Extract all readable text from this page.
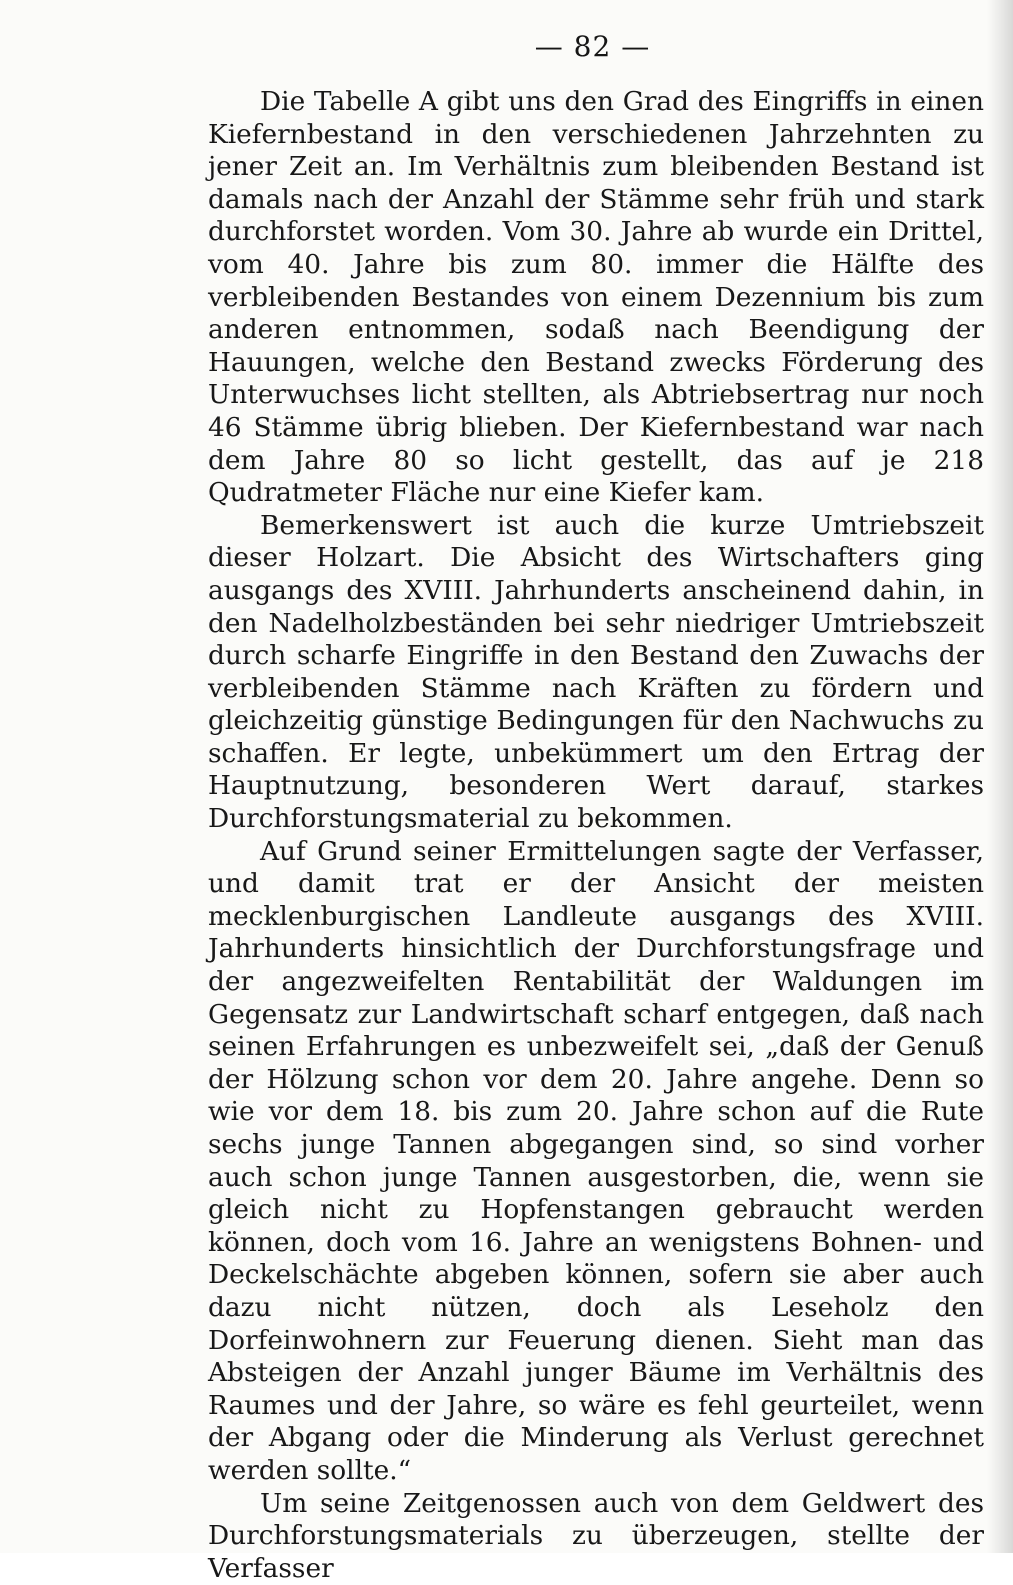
— 82 —

Die Tabelle A gibt uns den Grad des Eingriffs in einen Kiefernbestand in den verschiedenen Jahrzehnten zu jener Zeit an. Im Verhältnis zum bleibenden Bestand ist damals nach der Anzahl der Stämme sehr früh und stark durchforstet worden. Vom 30. Jahre ab wurde ein Drittel, vom 40. Jahre bis zum 80. immer die Hälfte des verbleibenden Bestandes von einem Dezennium bis zum anderen entnommen, sodaß nach Beendigung der Hauungen, welche den Bestand zwecks Förderung des Unterwuchses licht stellten, als Abtriebsertrag nur noch 46 Stämme übrig blieben. Der Kiefernbestand war nach dem Jahre 80 so licht gestellt, das auf je 218 Qudratmeter Fläche nur eine Kiefer kam.

Bemerkenswert ist auch die kurze Umtriebszeit dieser Holzart. Die Absicht des Wirtschafters ging ausgangs des XVIII. Jahrhunderts anscheinend dahin, in den Nadelholzbeständen bei sehr niedriger Umtriebszeit durch scharfe Eingriffe in den Bestand den Zuwachs der verbleibenden Stämme nach Kräften zu fördern und gleichzeitig günstige Bedingungen für den Nachwuchs zu schaffen. Er legte, unbekümmert um den Ertrag der Hauptnutzung, besonderen Wert darauf, starkes Durchforstungsmaterial zu bekommen.

Auf Grund seiner Ermittelungen sagte der Verfasser, und damit trat er der Ansicht der meisten mecklenburgischen Landleute ausgangs des XVIII. Jahrhunderts hinsichtlich der Durchforstungsfrage und der angezweifelten Rentabilität der Waldungen im Gegensatz zur Landwirtschaft scharf entgegen, daß nach seinen Erfahrungen es unbezweifelt sei, „daß der Genuß der Hölzung schon vor dem 20. Jahre angehe. Denn so wie vor dem 18. bis zum 20. Jahre schon auf die Rute sechs junge Tannen abgegangen sind, so sind vorher auch schon junge Tannen ausgestorben, die, wenn sie gleich nicht zu Hopfenstangen gebraucht werden können, doch vom 16. Jahre an wenigstens Bohnen- und Deckelschächte abgeben können, sofern sie aber auch dazu nicht nützen, doch als Leseholz den Dorfeinwohnern zur Feuerung dienen. Sieht man das Absteigen der Anzahl junger Bäume im Verhältnis des Raumes und der Jahre, so wäre es fehl geurteilet, wenn der Abgang oder die Minderung als Verlust gerechnet werden sollte.“

Um seine Zeitgenossen auch von dem Geldwert des Durchforstungsmaterials zu überzeugen, stellte der Verfasser
